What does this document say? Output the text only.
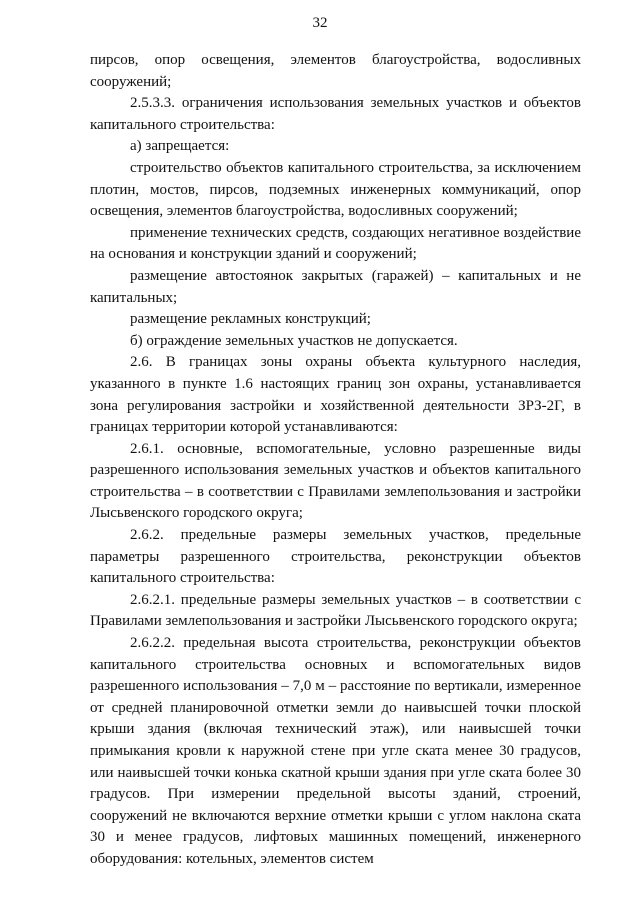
32

пирсов, опор освещения, элементов благоустройства, водосливных сооружений;

2.5.3.3. ограничения использования земельных участков и объектов капитального строительства:

а) запрещается:

строительство объектов капитального строительства, за исключением плотин, мостов, пирсов, подземных инженерных коммуникаций, опор освещения, элементов благоустройства, водосливных сооружений;

применение технических средств, создающих негативное воздействие на основания и конструкции зданий и сооружений;

размещение автостоянок закрытых (гаражей) – капитальных и не капитальных;

размещение рекламных конструкций;

б) ограждение земельных участков не допускается.

2.6. В границах зоны охраны объекта культурного наследия, указанного в пункте 1.6 настоящих границ зон охраны, устанавливается зона регулирования застройки и хозяйственной деятельности ЗРЗ-2Г, в границах территории которой устанавливаются:

2.6.1. основные, вспомогательные, условно разрешенные виды разрешенного использования земельных участков и объектов капитального строительства – в соответствии с Правилами землепользования и застройки Лысьвенского городского округа;

2.6.2. предельные размеры земельных участков, предельные параметры разрешенного строительства, реконструкции объектов капитального строительства:

2.6.2.1. предельные размеры земельных участков – в соответствии с Правилами землепользования и застройки Лысьвенского городского округа;

2.6.2.2. предельная высота строительства, реконструкции объектов капитального строительства основных и вспомогательных видов разрешенного использования – 7,0 м – расстояние по вертикали, измеренное от средней планировочной отметки земли до наивысшей точки плоской крыши здания (включая технический этаж), или наивысшей точки примыкания кровли к наружной стене при угле ската менее 30 градусов, или наивысшей точки конька скатной крыши здания при угле ската более 30 градусов. При измерении предельной высоты зданий, строений, сооружений не включаются верхние отметки крыши с углом наклона ската 30 и менее градусов, лифтовых машинных помещений, инженерного оборудования: котельных, элементов систем
